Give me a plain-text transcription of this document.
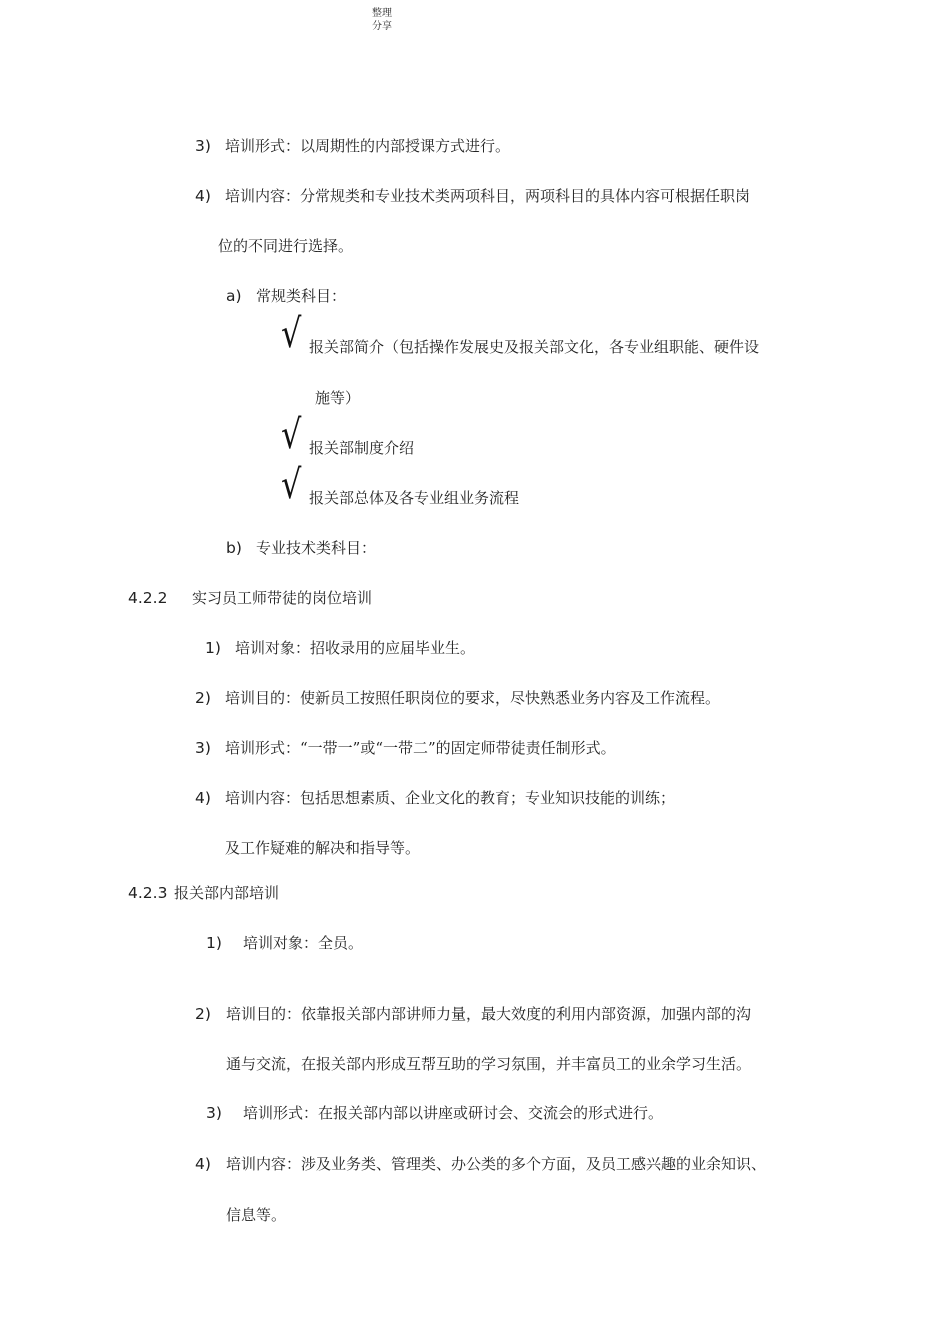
整理分享
3) 培训形式：以周期性的内部授课方式进行。
4) 培训内容：分常规类和专业技术类两项科目，两项科目的具体内容可根据任职岗
位的不同进行选择。
a) 常规类科目：
√ 报关部简介（包括操作发展史及报关部文化，各专业组职能、硬件设
施等）
√ 报关部制度介绍
√ 报关部总体及各专业组业务流程
b) 专业技术类科目：
4.2.2 实习员工师带徒的岗位培训
1) 培训对象：招收录用的应届毕业生。
2) 培训目的：使新员工按照任职岗位的要求，尽快熟悉业务内容及工作流程。
3) 培训形式：“一带一”或“一带二”的固定师带徒责任制形式。
4) 培训内容：包括思想素质、企业文化的教育；专业知识技能的训练；
及工作疑难的解决和指导等。
4.2.3 报关部内部培训
1) 培训对象：全员。
2) 培训目的：依靠报关部内部讲师力量，最大效度的利用内部资源，加强内部的沟
通与交流，在报关部内形成互帮互助的学习氛围，并丰富员工的业余学习生活。
3) 培训形式：在报关部内部以讲座或研讨会、交流会的形式进行。
4) 培训内容：涉及业务类、管理类、办公类的多个方面，及员工感兴趣的业余知识、
信息等。
